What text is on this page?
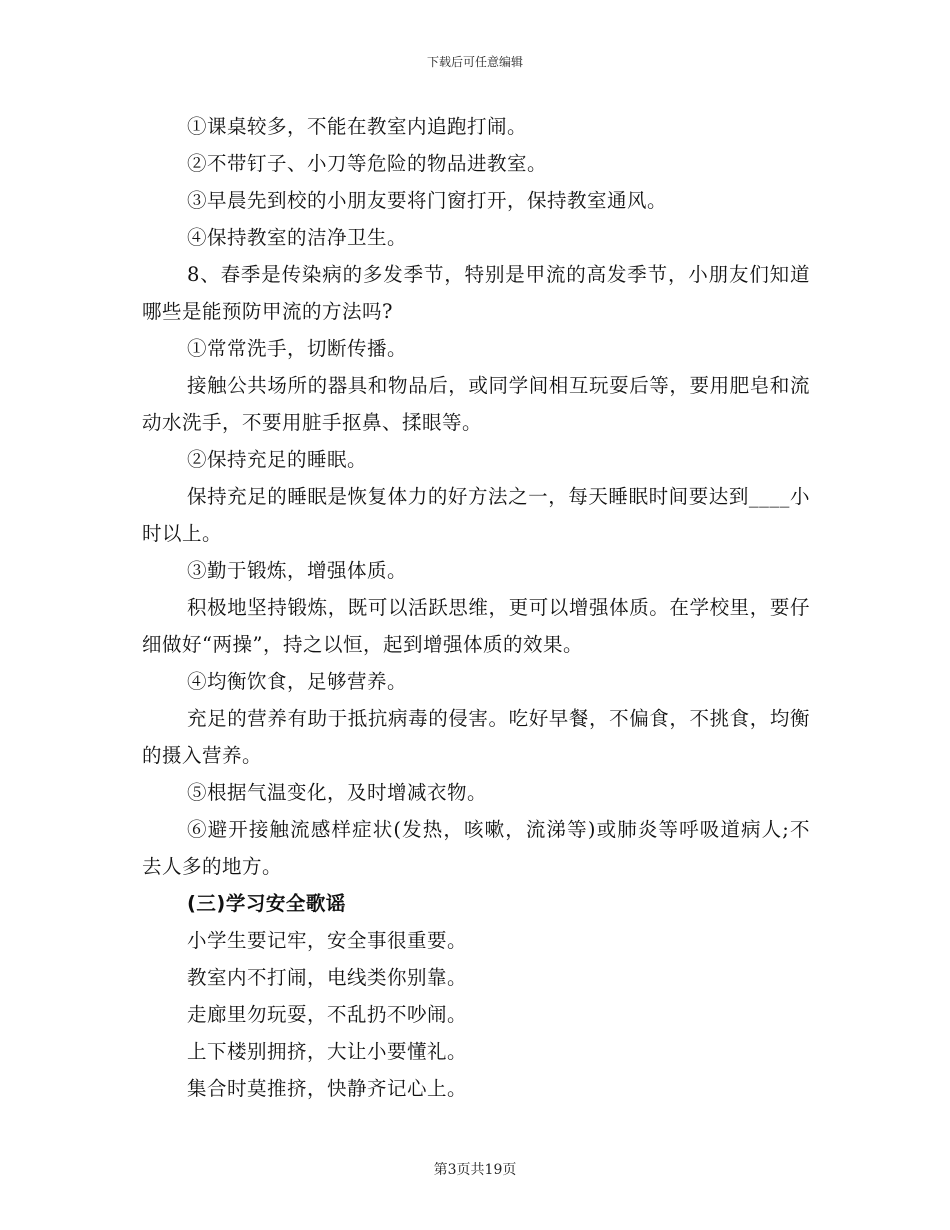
下载后可任意编辑

①课桌较多，不能在教室内追跑打闹。

②不带钉子、小刀等危险的物品进教室。

③早晨先到校的小朋友要将门窗打开，保持教室通风。

④保持教室的洁净卫生。

8、春季是传染病的多发季节，特别是甲流的高发季节，小朋友们知道哪些是能预防甲流的方法吗?

①常常洗手，切断传播。

接触公共场所的器具和物品后，或同学间相互玩耍后等，要用肥皂和流动水洗手，不要用脏手抠鼻、揉眼等。

②保持充足的睡眠。

保持充足的睡眠是恢复体力的好方法之一，每天睡眠时间要达到____小时以上。

③勤于锻炼，增强体质。

积极地坚持锻炼，既可以活跃思维，更可以增强体质。在学校里，要仔细做好“两操”，持之以恒，起到增强体质的效果。

④均衡饮食，足够营养。

充足的营养有助于抵抗病毒的侵害。吃好早餐，不偏食，不挑食，均衡的摄入营养。

⑤根据气温变化，及时增减衣物。

⑥避开接触流感样症状(发热，咳嗽，流涕等)或肺炎等呼吸道病人;不去人多的地方。

(三)学习安全歌谣

小学生要记牢，安全事很重要。

教室内不打闹，电线类你别靠。

走廊里勿玩耍，不乱扔不吵闹。

上下楼别拥挤，大让小要懂礼。

集合时莫推挤，快静齐记心上。

第3页共19页
